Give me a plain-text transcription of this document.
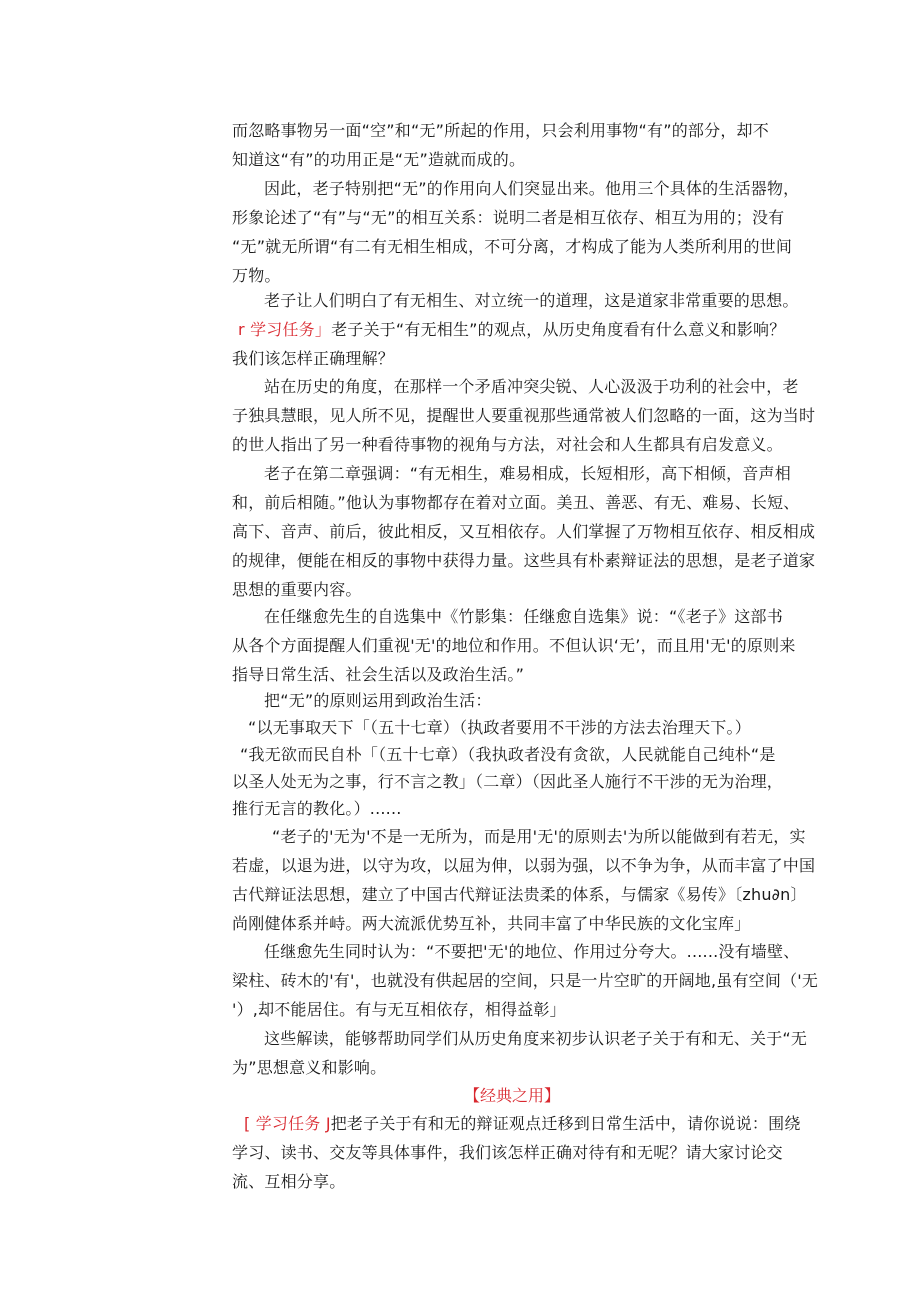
而忽略事物另一面“空”和“无”所起的作用，只会利用事物“有”的部分，却不
知道这“有”的功用正是“无”造就而成的。
因此，老子特别把“无”的作用向人们突显出来。他用三个具体的生活器物，
形象论述了“有”与“无”的相互关系：说明二者是相互依存、相互为用的；没有
“无”就无所谓“有二有无相生相成，不可分离，才构成了能为人类所利用的世间
万物。
老子让人们明白了有无相生、对立统一的道理，这是道家非常重要的思想。
r 学习任务」老子关于“有无相生”的观点，从历史角度看有什么意义和影响？
我们该怎样正确理解？
站在历史的角度，在那样一个矛盾冲突尖锐、人心汲汲于功利的社会中，老
子独具慧眼，见人所不见，提醒世人要重视那些通常被人们忽略的一面，这为当时
的世人指出了另一种看待事物的视角与方法，对社会和人生都具有启发意义。
老子在第二章强调：“有无相生，难易相成，长短相形，高下相倾，音声相
和，前后相随。”他认为事物都存在着对立面。美丑、善恶、有无、难易、长短、
高下、音声、前后，彼此相反，又互相依存。人们掌握了万物相互依存、相反相成
的规律，便能在相反的事物中获得力量。这些具有朴素辩证法的思想，是老子道家
思想的重要内容。
在任继愈先生的自选集中《竹影集：任继愈自选集》说：“《老子》这部书
从各个方面提醒人们重视'无'的地位和作用。不但认识‘无’，而且用'无'的原则来
指导日常生活、社会生活以及政治生活。”
把“无”的原则运用到政治生活：
“以无事取天下「（五十七章）（执政者要用不干涉的方法去治理天下。）
“我无欲而民自朴「（五十七章）（我执政者没有贪欲，人民就能自己纯朴“是
以圣人处无为之事，行不言之教」（二章）（因此圣人施行不干涉的无为治理，
推行无言的教化。）......
“老子的'无为'不是一无所为，而是用'无'的原则去'为所以能做到有若无，实
若虚，以退为进，以守为攻，以屈为伸，以弱为强，以不争为争，从而丰富了中国
古代辩证法思想，建立了中国古代辩证法贵柔的体系，与儒家《易传》〔zhu∂n〕
尚刚健体系并峙。两大流派优势互补，共同丰富了中华民族的文化宝库」
任继愈先生同时认为：“不要把'无'的地位、作用过分夸大。......没有墙壁、
梁柱、砖木的'有'，也就没有供起居的空间，只是一片空旷的开阔地,虽有空间（'无
'）,却不能居住。有与无互相依存，相得益彰」
这些解读，能够帮助同学们从历史角度来初步认识老子关于有和无、关于“无
为”思想意义和影响。
【经典之用】
[ 学习任务 J把老子关于有和无的辩证观点迁移到日常生活中，请你说说：围绕
学习、读书、交友等具体事件，我们该怎样正确对待有和无呢？请大家讨论交
流、互相分享。
